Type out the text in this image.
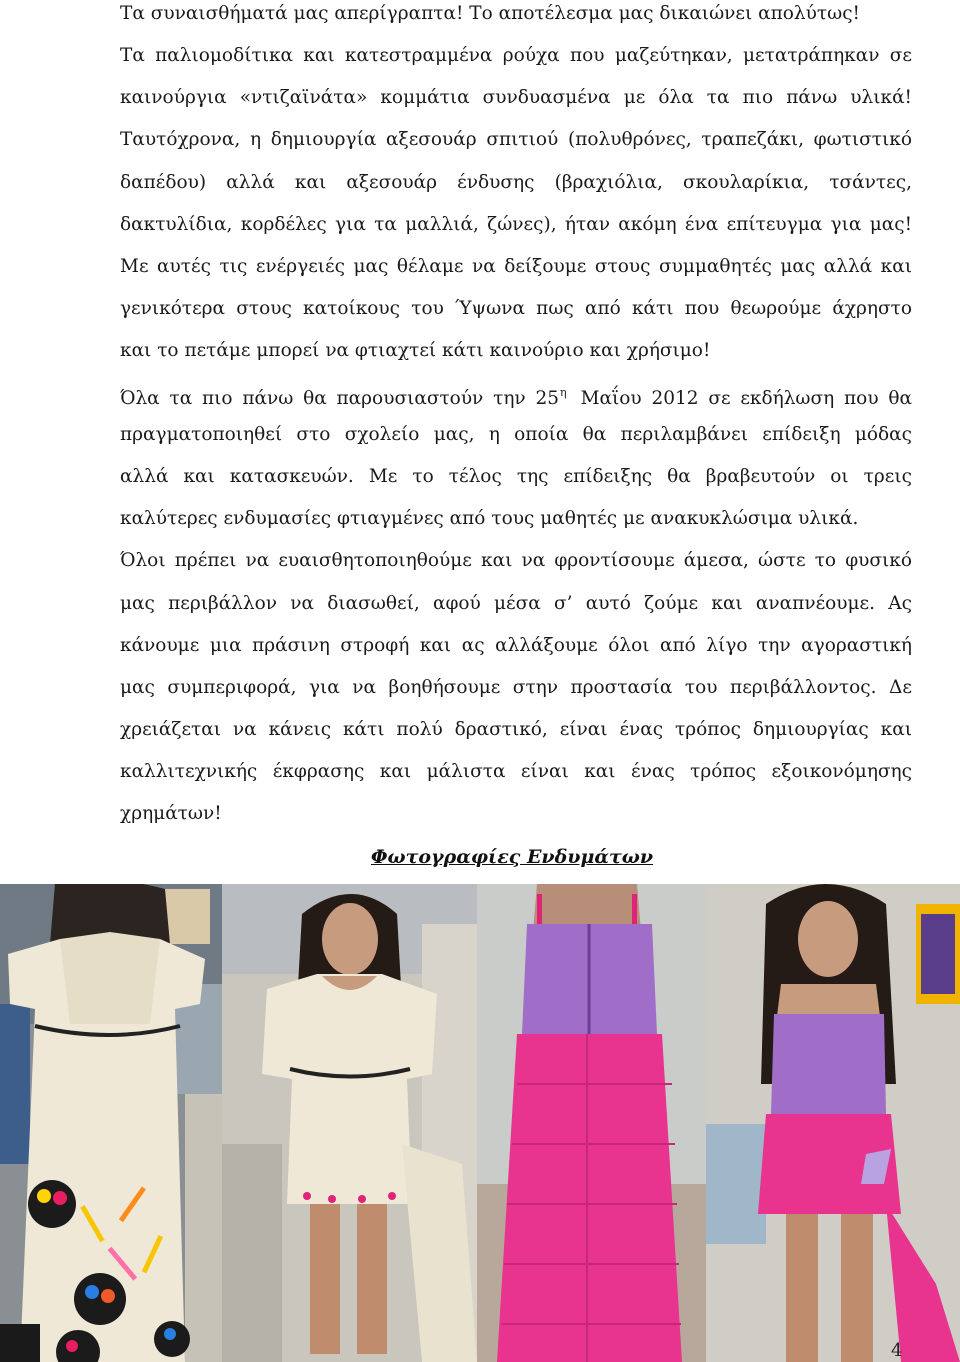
Τα συναισθήματά μας απερίγραπτα! Το αποτέλεσμα μας δικαιώνει απολύτως!
Τα παλιομοδίτικα και κατεστραμμένα ρούχα που μαζεύτηκαν, μετατράπηκαν σε
καινούργια «ντιζαϊνάτα» κομμάτια συνδυασμένα με όλα τα πιο πάνω υλικά!
Ταυτόχρονα, η δημιουργία αξεσουάρ σπιτιού (πολυθρόνες, τραπεζάκι, φωτιστικό
δαπέδου) αλλά και αξεσουάρ ένδυσης (βραχιόλια, σκουλαρίκια, τσάντες,
δακτυλίδια, κορδέλες για τα μαλλιά, ζώνες), ήταν ακόμη ένα επίτευγμα για μας!
Με αυτές τις ενέργειές μας θέλαμε να δείξουμε στους συμμαθητές μας αλλά και
γενικότερα στους κατοίκους του Ύψωνα πως από κάτι που θεωρούμε άχρηστο
και το πετάμε μπορεί να φτιαχτεί κάτι καινούριο και χρήσιμο!
Όλα τα πιο πάνω θα παρουσιαστούν την $25^\eta$ Μαΐου 2012 σε εκδήλωση που θα
πραγματοποιηθεί στο σχολείο μας, η οποία θα περιλαμβάνει επίδειξη μόδας
αλλά και κατασκευών. Με το τέλος της επίδειξης θα βραβευτούν οι τρεις
καλύτερες ενδυμασίες φτιαγμένες από τους μαθητές με ανακυκλώσιμα υλικά.
Όλοι πρέπει να ευαισθητοποιηθούμε και να φροντίσουμε άμεσα, ώστε το φυσικό
μας περιβάλλον να διασωθεί, αφού μέσα σ’ αυτό ζούμε και αναπνέουμε. Ας
κάνουμε μια πράσινη στροφή και ας αλλάξουμε όλοι από λίγο την αγοραστική
μας συμπεριφορά, για να βοηθήσουμε στην προστασία του περιβάλλοντος. Δε
χρειάζεται να κάνεις κάτι πολύ δραστικό, είναι ένας τρόπος δημιουργίας και
καλλιτεχνικής έκφρασης και μάλιστα είναι και ένας τρόπος εξοικονόμησης
χρημάτων!
Φωτογραφίες Ενδυμάτων
4
